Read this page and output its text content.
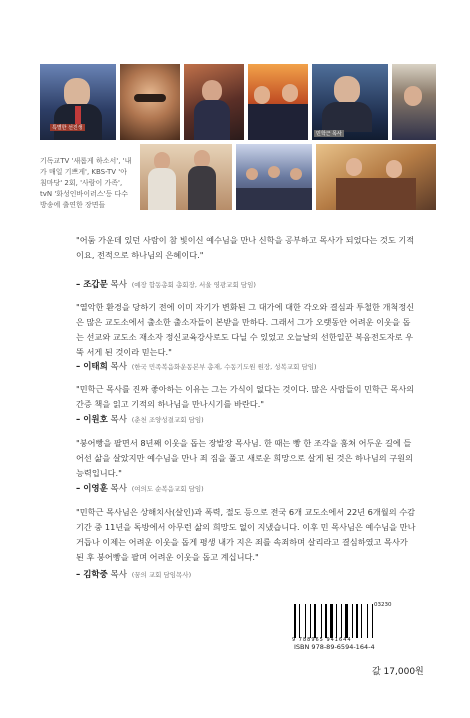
특별한 선진생
민학근 목사
기독교TV '새롭게 하소서', '내가 매일 기쁘게', KBS-TV '아침마당' 2회, '사람이 가족', tvN '화성인바이러스'등 다수 방송에 출연한 장면들

"어둠 가운데 있던 사람이 참 빛이신 예수님을 만나 신학을 공부하고 목사가 되었다는 것도 기적이요, 전적으로 하나님의 은혜이다."

– 조갑문 목사 (예장 합동총회 총회장, 서울 영광교회 담임)

"열악한 환경을 당하기 전에 이미 자기가 변화된 그 대가에 대한 각오와 결심과 투철한 개척정신은 많은 교도소에서 출소한 출소자들이 본받을 만하다. 그래서 그가 오랫동안 어려운 이웃을 돕는 선교와 교도소 재소자 정신교육강사로도 다닐 수 있었고 오늘날의 선한일꾼 복음전도자로 우뚝 서게 된 것이라 믿는다."

– 이태희 목사 (한국 민족복음화운동본부 총재, 수동기도원 원장, 성복교회 담임)

"민학근 목사를 진짜 좋아하는 이유는 그는 가식이 없다는 것이다. 많은 사람들이 민학근 목사의 간증 책을 읽고 기적의 하나님을 만나시기를 바란다."

– 이원호 목사 (춘천 조양성결교회 담임)

"붕어빵을 팔면서 8년째 이웃을 돕는 장발장 목사님. 한 때는 빵 한 조각을 훔쳐 어두운 길에 들어선 삶을 살았지만 예수님을 만나 죄 짐을 풀고 새로운 희망으로 살게 된 것은 하나님의 구원의 능력입니다."

– 이영훈 목사 (여의도 순복음교회 담임)

"민학근 목사님은 상해치사(살인)과 폭력, 절도 등으로 전국 6개 교도소에서 22년 6개월의 수감기간 중 11년을 독방에서 아무런 삶의 희망도 없이 지냈습니다. 이후 민 목사님은 예수님을 만나 거듭나 이제는 어려운 이웃을 돕게 평생 내가 지은 죄를 속죄하며 살리라고 결심하였고 목사가 된 후 붕어빵을 팔며 어려운 이웃을 돕고 계십니다."

– 김학중 목사 (꿈의 교회 담임목사)
03230
9 788965 941644
ISBN 978-89-6594-164-4
값 17,000원
